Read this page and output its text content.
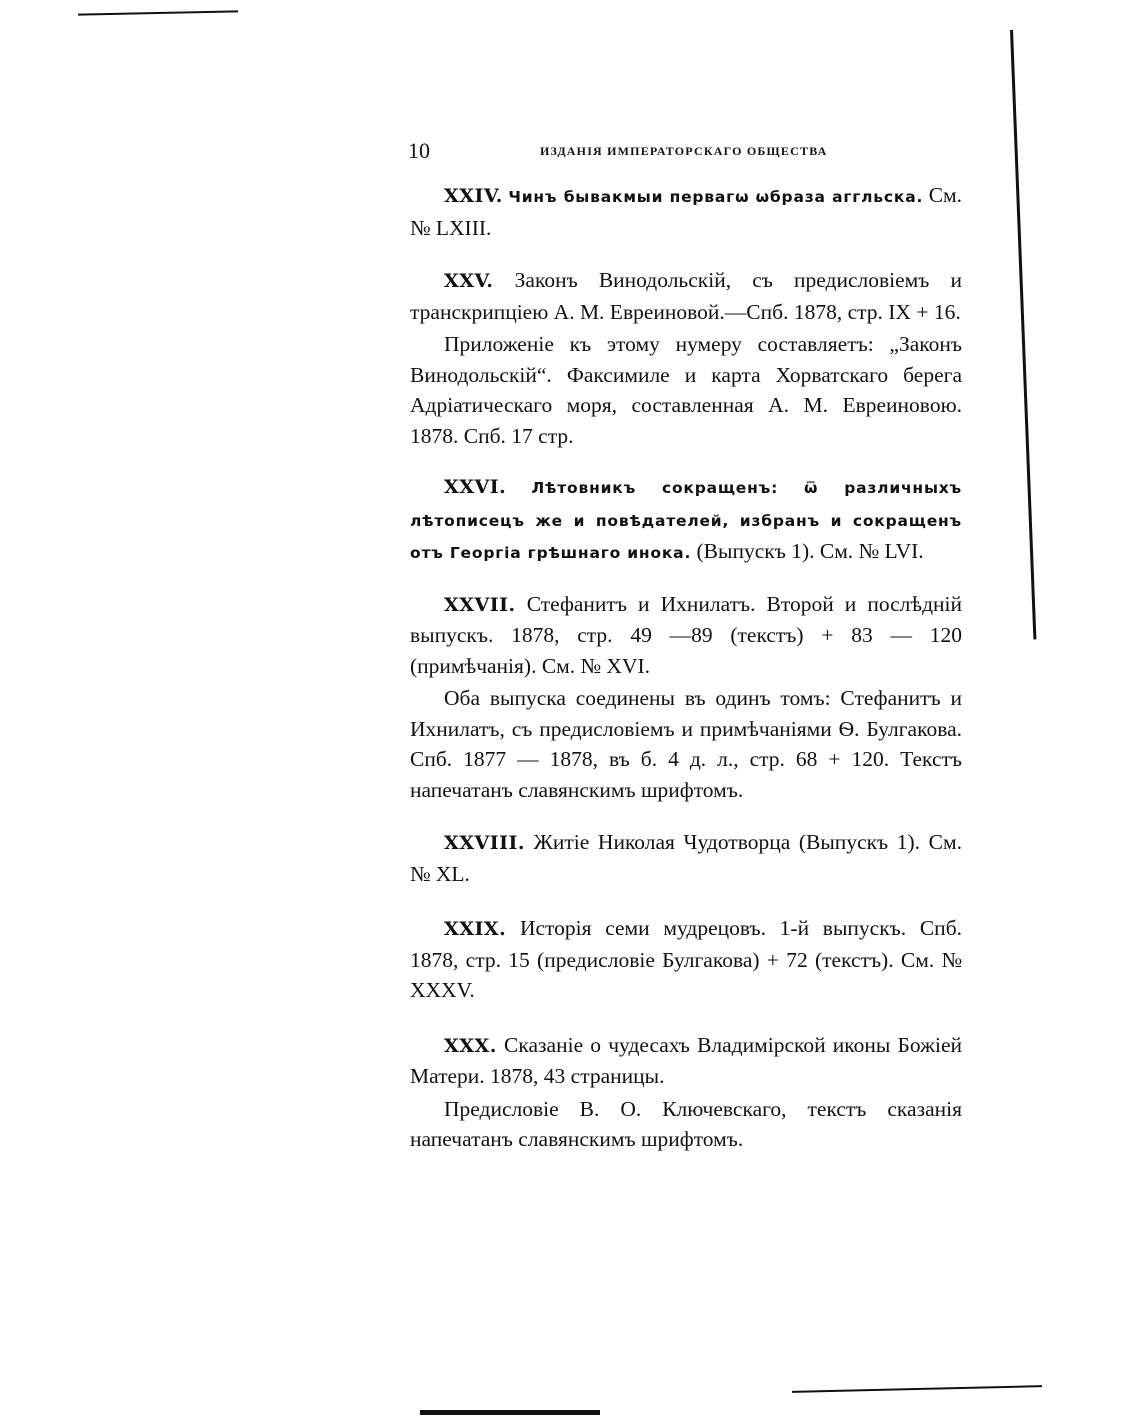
10	ИЗДАНІЯ ИМПЕРАТОРСКАГО ОБЩЕСТВА

XXIV. Чинъ бывакмыи первагѡ ѡбраза аггльска. См. № LXIII.

XXV. Законъ Винодольскій, съ предисловіемъ и транскрипціею А. М. Евреиновой.—Спб. 1878, стр. IX + 16.

Приложеніе къ этому нумеру составляетъ: „Законъ Винодольскій“. Факсимиле и карта Хорватскаго берега Адріатическаго моря, составленная А. М. Евреиновою. 1878. Спб. 17 стр.

XXVI. Лѣтовникъ сокращенъ: ѿ различныхъ лѣтописецъ же и повѣдателей, избранъ и сокращенъ отъ Георгіа грѣшнаго инока. (Выпускъ 1). См. № LVI.

XXVII. Стефанитъ и Ихнилатъ. Второй и послѣдній выпускъ. 1878, стр. 49 —89 (текстъ) + 83 — 120 (примѣчанія). См. № XVI.

Оба выпуска соединены въ одинъ томъ: Стефанитъ и Ихнилатъ, съ предисловіемъ и примѣчаніями Ѳ. Булгакова. Спб. 1877 — 1878, въ б. 4 д. л., стр. 68 + 120. Текстъ напечатанъ славянскимъ шрифтомъ.

XXVIII. Житіе Николая Чудотворца (Выпускъ 1). См. № XL.

XXIX. Исторія семи мудрецовъ. 1-й выпускъ. Спб. 1878, стр. 15 (предисловіе Булгакова) + 72 (текстъ). См. № XXXV.

XXX. Сказаніе о чудесахъ Владимірской иконы Божіей Матери. 1878, 43 страницы.

Предисловіе В. О. Ключевскаго, текстъ сказанія напечатанъ славянскимъ шрифтомъ.
